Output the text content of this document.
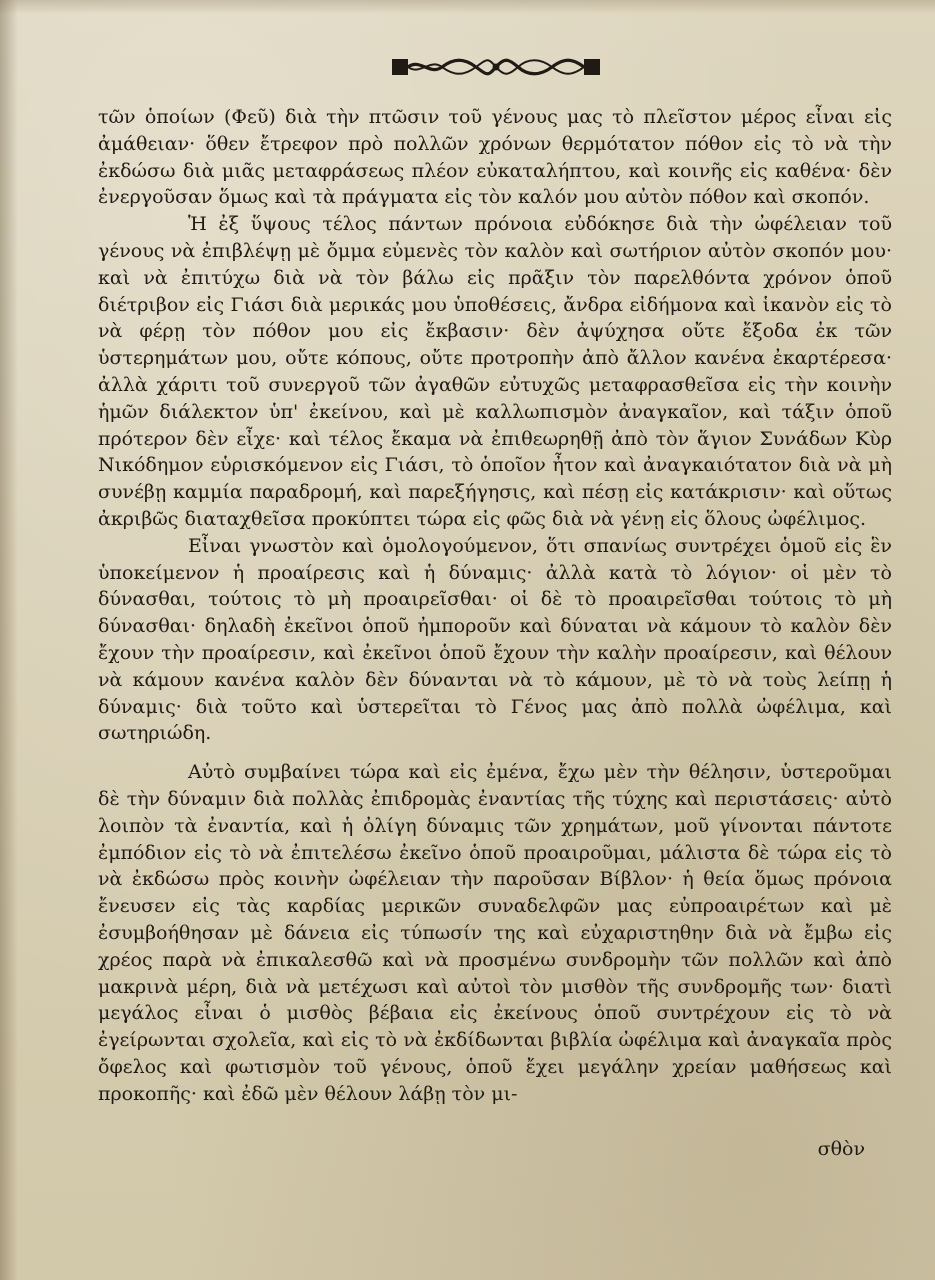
τῶν ὁποίων (Φεῦ) διὰ τὴν πτῶσιν τοῦ γένους μας τὸ πλεῖστον μέρος εἶναι εἰς ἀμάθειαν· ὅθεν ἔτρεφον πρὸ πολλῶν χρόνων θερμότατον πόθον εἰς τὸ νὰ τὴν ἐκδώσω διὰ μιᾶς μεταφράσεως πλέον εὐκαταλήπτου, καὶ κοινῆς εἰς καθένα· δὲν ἐνεργοῦσαν ὅμως καὶ τὰ πράγματα εἰς τὸν καλόν μου αὐτὸν πόθον καὶ σκοπόν.

Ἡ ἐξ ὕψους τέλος πάντων πρόνοια εὐδόκησε διὰ τὴν ὠφέλειαν τοῦ γένους νὰ ἐπιβλέψῃ μὲ ὄμμα εὐμενὲς τὸν καλὸν καὶ σωτήριον αὐτὸν σκοπόν μου· καὶ νὰ ἐπιτύχω διὰ νὰ τὸν βάλω εἰς πρᾶξιν τὸν παρελθόντα χρόνον ὁποῦ διέτριβον εἰς Γιάσι διὰ μερικάς μου ὑποθέσεις, ἄνδρα εἰδήμονα καὶ ἱκανὸν εἰς τὸ νὰ φέρῃ τὸν πόθον μου εἰς ἔκβασιν· δὲν ἀψύχησα οὔτε ἔξοδα ἐκ τῶν ὑστερημάτων μου, οὔτε κόπους, οὔτε προτροπὴν ἀπὸ ἄλλον κανένα ἐκαρτέρεσα· ἀλλὰ χάριτι τοῦ συνεργοῦ τῶν ἀγαθῶν εὐτυχῶς μεταφρασθεῖσα εἰς τὴν κοινὴν ἡμῶν διάλεκτον ὑπ' ἐκείνου, καὶ μὲ καλλωπισμὸν ἀναγκαῖον, καὶ τάξιν ὁποῦ πρότερον δὲν εἶχε· καὶ τέλος ἔκαμα νὰ ἐπιθεωρηθῇ ἀπὸ τὸν ἅγιον Συνάδων Κὺρ Νικόδημον εὑρισκόμενον εἰς Γιάσι, τὸ ὁποῖον ἦτον καὶ ἀναγκαιότατον διὰ νὰ μὴ συνέβῃ καμμία παραδρομή, καὶ παρεξήγησις, καὶ πέσῃ εἰς κατάκρισιν· καὶ οὕτως ἀκριβῶς διαταχθεῖσα προκύπτει τώρα εἰς φῶς διὰ νὰ γένῃ εἰς ὅλους ὠφέλιμος.

Εἶναι γνωστὸν καὶ ὁμολογούμενον, ὅτι σπανίως συντρέχει ὁμοῦ εἰς ἓν ὑποκείμενον ἡ προαίρεσις καὶ ἡ δύναμις· ἀλλὰ κατὰ τὸ λόγιον· οἱ μὲν τὸ δύνασθαι, τούτοις τὸ μὴ προαιρεῖσθαι· οἱ δὲ τὸ προαιρεῖσθαι τούτοις τὸ μὴ δύνασθαι· δηλαδὴ ἐκεῖνοι ὁποῦ ἠμποροῦν καὶ δύναται νὰ κάμουν τὸ καλὸν δὲν ἔχουν τὴν προαίρεσιν, καὶ ἐκεῖνοι ὁποῦ ἔχουν τὴν καλὴν προαίρεσιν, καὶ θέλουν νὰ κάμουν κανένα καλὸν δὲν δύνανται νὰ τὸ κάμουν, μὲ τὸ νὰ τοὺς λείπῃ ἡ δύναμις· διὰ τοῦτο καὶ ὑστερεῖται τὸ Γένος μας ἀπὸ πολλὰ ὠφέλιμα, καὶ σωτηριώδη.

Αὐτὸ συμβαίνει τώρα καὶ εἰς ἐμένα, ἔχω μὲν τὴν θέλησιν, ὑστεροῦμαι δὲ τὴν δύναμιν διὰ πολλὰς ἐπιδρομὰς ἐναντίας τῆς τύχης καὶ περιστάσεις· αὐτὸ λοιπὸν τὰ ἐναντία, καὶ ἡ ὀλίγη δύναμις τῶν χρημάτων, μοῦ γίνονται πάντοτε ἐμπόδιον εἰς τὸ νὰ ἐπιτελέσω ἐκεῖνο ὁποῦ προαιροῦμαι, μάλιστα δὲ τώρα εἰς τὸ νὰ ἐκδώσω πρὸς κοινὴν ὠφέλειαν τὴν παροῦσαν Βίβλον· ἡ θεία ὅμως πρόνοια ἔνευσεν εἰς τὰς καρδίας μερικῶν συναδελφῶν μας εὐπροαιρέτων καὶ μὲ ἐσυμβοήθησαν μὲ δάνεια εἰς τύπωσίν της καὶ εὐχαριστηθην διὰ νὰ ἔμβω εἰς χρέος παρὰ νὰ ἐπικαλεσθῶ καὶ νὰ προσμένω συνδρομὴν τῶν πολλῶν καὶ ἀπὸ μακρινὰ μέρη, διὰ νὰ μετέχωσι καὶ αὐτοὶ τὸν μισθὸν τῆς συνδρομῆς των· διατὶ μεγάλος εἶναι ὁ μισθὸς βέβαια εἰς ἐκείνους ὁποῦ συντρέχουν εἰς τὸ νὰ ἐγείρωνται σχολεῖα, καὶ εἰς τὸ νὰ ἐκδίδωνται βιβλία ὠφέλιμα καὶ ἀναγκαῖα πρὸς ὄφελος καὶ φωτισμὸν τοῦ γένους, ὁποῦ ἔχει μεγάλην χρείαν μαθήσεως καὶ προκοπῆς· καὶ ἐδῶ μὲν θέλουν λάβῃ τὸν μι-

σθὸν
